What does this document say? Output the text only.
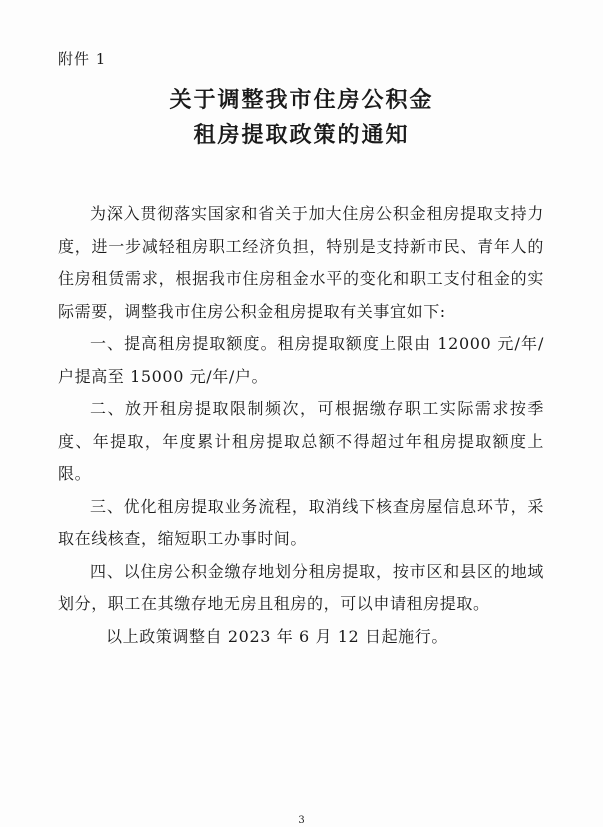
附件 1
关于调整我市住房公积金
租房提取政策的通知

为深入贯彻落实国家和省关于加大住房公积金租房提取支持力度，进一步减轻租房职工经济负担，特别是支持新市民、青年人的住房租赁需求，根据我市住房租金水平的变化和职工支付租金的实际需要，调整我市住房公积金租房提取有关事宜如下:

一、提高租房提取额度。租房提取额度上限由 12000 元/年/户提高至 15000 元/年/户。

二、放开租房提取限制频次，可根据缴存职工实际需求按季度、年提取，年度累计租房提取总额不得超过年租房提取额度上限。

三、优化租房提取业务流程，取消线下核查房屋信息环节，采取在线核查，缩短职工办事时间。

四、以住房公积金缴存地划分租房提取，按市区和县区的地域划分，职工在其缴存地无房且租房的，可以申请租房提取。

以上政策调整自 2023 年 6 月 12 日起施行。

3
